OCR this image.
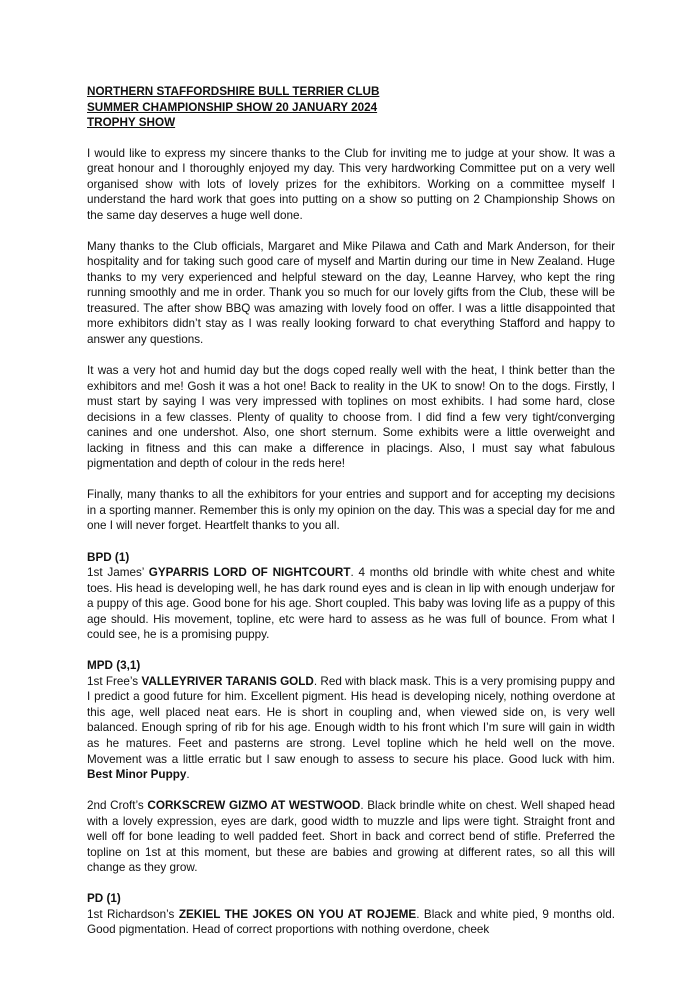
NORTHERN STAFFORDSHIRE BULL TERRIER CLUB
SUMMER CHAMPIONSHIP SHOW 20 JANUARY 2024
TROPHY SHOW

I would like to express my sincere thanks to the Club for inviting me to judge at your show. It was a great honour and I thoroughly enjoyed my day. This very hardworking Committee put on a very well organised show with lots of lovely prizes for the exhibitors. Working on a committee myself I understand the hard work that goes into putting on a show so putting on 2 Championship Shows on the same day deserves a huge well done.

Many thanks to the Club officials, Margaret and Mike Pilawa and Cath and Mark Anderson, for their hospitality and for taking such good care of myself and Martin during our time in New Zealand. Huge thanks to my very experienced and helpful steward on the day, Leanne Harvey, who kept the ring running smoothly and me in order. Thank you so much for our lovely gifts from the Club, these will be treasured. The after show BBQ was amazing with lovely food on offer. I was a little disappointed that more exhibitors didn’t stay as I was really looking forward to chat everything Stafford and happy to answer any questions.

It was a very hot and humid day but the dogs coped really well with the heat, I think better than the exhibitors and me! Gosh it was a hot one! Back to reality in the UK to snow! On to the dogs. Firstly, I must start by saying I was very impressed with toplines on most exhibits. I had some hard, close decisions in a few classes. Plenty of quality to choose from. I did find a few very tight/converging canines and one undershot. Also, one short sternum. Some exhibits were a little overweight and lacking in fitness and this can make a difference in placings. Also, I must say what fabulous pigmentation and depth of colour in the reds here!

Finally, many thanks to all the exhibitors for your entries and support and for accepting my decisions in a sporting manner. Remember this is only my opinion on the day. This was a special day for me and one I will never forget. Heartfelt thanks to you all.

BPD (1)
1st James’ GYPARRIS LORD OF NIGHTCOURT. 4 months old brindle with white chest and white toes. His head is developing well, he has dark round eyes and is clean in lip with enough underjaw for a puppy of this age. Good bone for his age. Short coupled. This baby was loving life as a puppy of this age should. His movement, topline, etc were hard to assess as he was full of bounce. From what I could see, he is a promising puppy.
MPD (3,1)
1st Free’s VALLEYRIVER TARANIS GOLD. Red with black mask. This is a very promising puppy and I predict a good future for him. Excellent pigment. His head is developing nicely, nothing overdone at this age, well placed neat ears. He is short in coupling and, when viewed side on, is very well balanced. Enough spring of rib for his age. Enough width to his front which I’m sure will gain in width as he matures. Feet and pasterns are strong. Level topline which he held well on the move. Movement was a little erratic but I saw enough to assess to secure his place. Good luck with him. Best Minor Puppy.
2nd Croft’s CORKSCREW GIZMO AT WESTWOOD. Black brindle white on chest. Well shaped head with a lovely expression, eyes are dark, good width to muzzle and lips were tight. Straight front and well off for bone leading to well padded feet. Short in back and correct bend of stifle. Preferred the topline on 1st at this moment, but these are babies and growing at different rates, so all this will change as they grow.
PD (1)
1st Richardson’s ZEKIEL THE JOKES ON YOU AT ROJEME. Black and white pied, 9 months old. Good pigmentation. Head of correct proportions with nothing overdone, cheek
